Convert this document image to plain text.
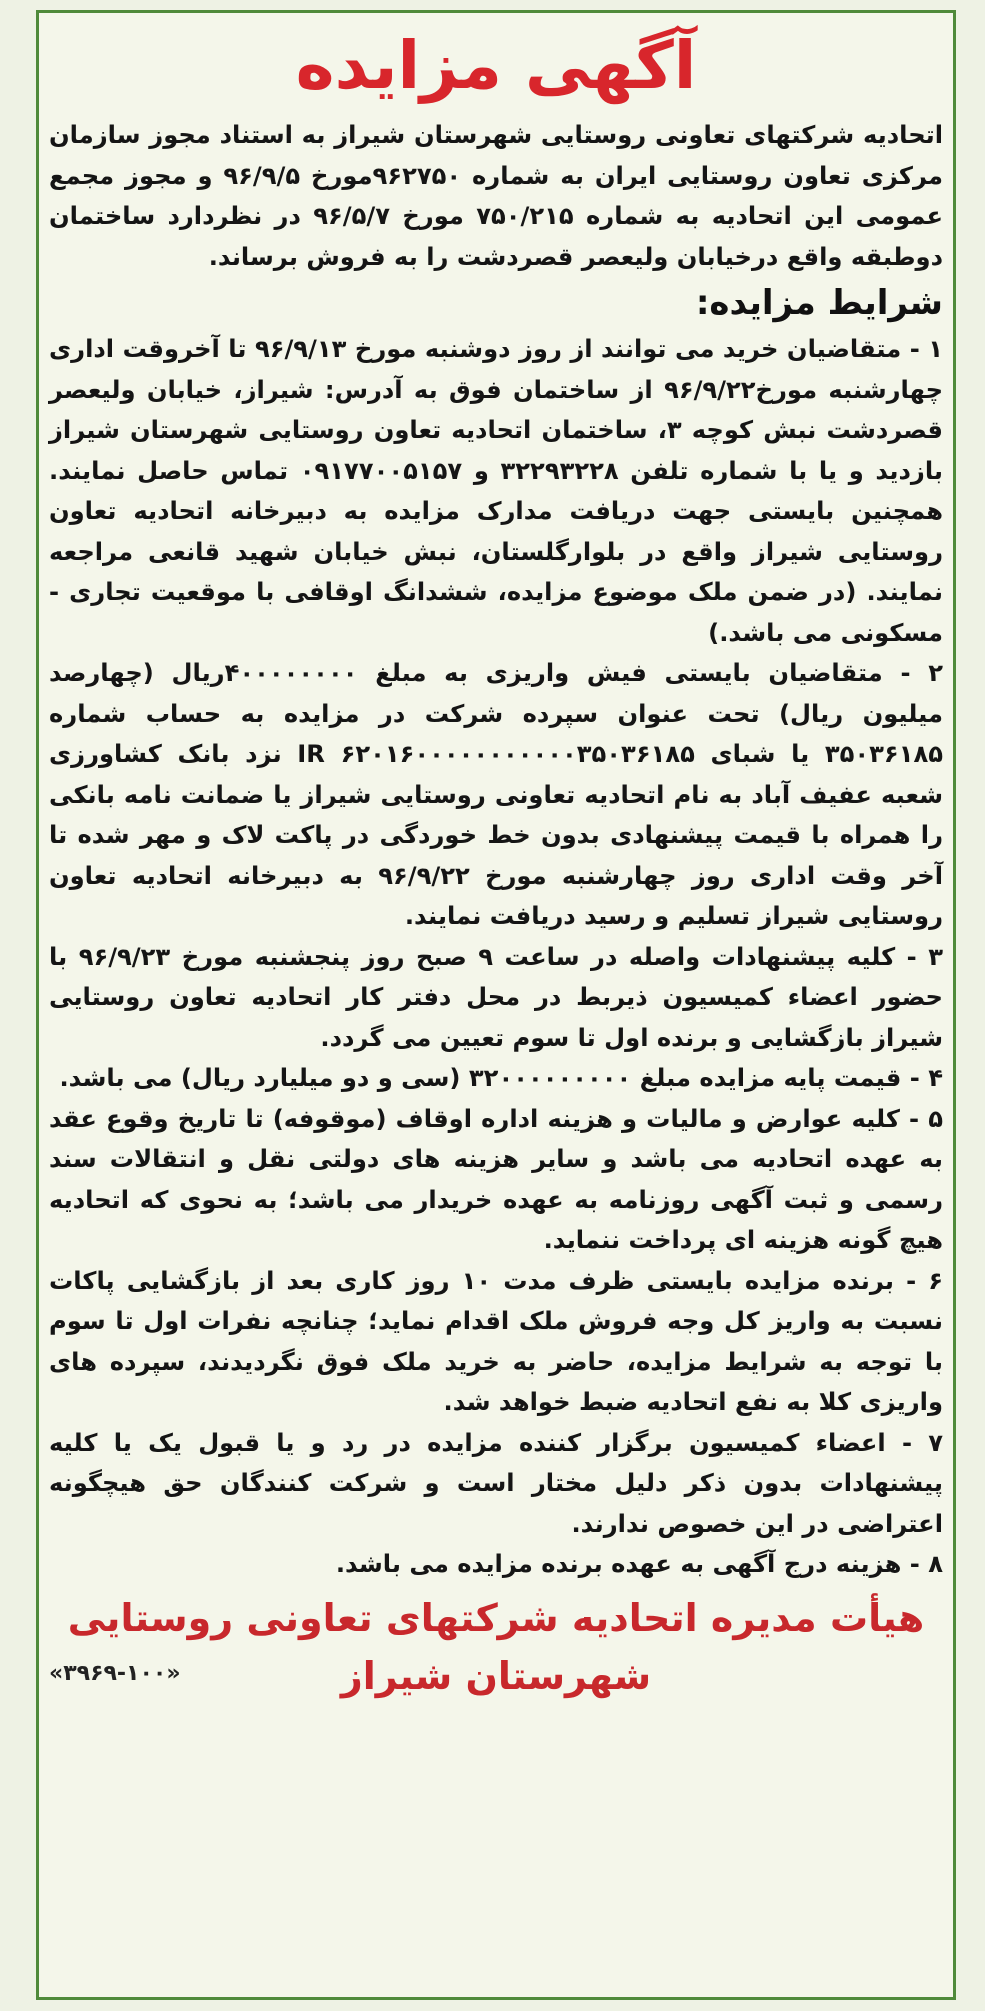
آگهی مزایده

اتحادیه شرکتهای تعاونی روستایی شهرستان شیراز به استناد مجوز سازمان مرکزی تعاون روستایی ایران به شماره ۹۶۲۷۵۰مورخ ۹۶/۹/۵ و مجوز مجمع عمومی این اتحادیه به شماره ۷۵۰/۲۱۵ مورخ ۹۶/۵/۷ در نظردارد ساختمان دوطبقه واقع درخیابان ولیعصر قصردشت را به فروش برساند.

شرایط مزایده:

۱ - متقاضیان خرید می توانند از روز دوشنبه مورخ ۹۶/۹/۱۳ تا آخروقت اداری چهارشنبه مورخ۹۶/۹/۲۲ از ساختمان فوق به آدرس: شیراز، خیابان ولیعصر قصردشت نبش کوچه ۳، ساختمان اتحادیه تعاون روستایی شهرستان شیراز بازدید و یا با شماره تلفن ۳۲۲۹۳۲۲۸ و ۰۹۱۷۷۰۰۵۱۵۷ تماس حاصل نمایند. همچنین بایستی جهت دریافت مدارک مزایده به دبیرخانه اتحادیه تعاون روستایی شیراز واقع در بلوارگلستان، نبش خیابان شهید قانعی مراجعه نمایند. (در ضمن ملک موضوع مزایده، ششدانگ اوقافی با موقعیت تجاری - مسکونی می باشد.)

۲ - متقاضیان بایستی فیش واریزی به مبلغ ۴۰۰۰۰۰۰۰۰ریال (چهارصد میلیون ریال) تحت عنوان سپرده شرکت در مزایده به حساب شماره ۳۵۰۳۶۱۸۵ یا شبای IR ۶۲۰۱۶۰۰۰۰۰۰۰۰۰۰۰۳۵۰۳۶۱۸۵ نزد بانک کشاورزی شعبه عفیف آباد به نام اتحادیه تعاونی روستایی شیراز یا ضمانت نامه بانکی را همراه با قیمت پیشنهادی بدون خط خوردگی در پاکت لاک و مهر شده تا آخر وقت اداری روز چهارشنبه مورخ ۹۶/۹/۲۲ به دبیرخانه اتحادیه تعاون روستایی شیراز تسلیم و رسید دریافت نمایند.

۳ - کلیه پیشنهادات واصله در ساعت ۹ صبح روز پنجشنبه مورخ ۹۶/۹/۲۳ با حضور اعضاء کمیسیون ذیربط در محل دفتر کار اتحادیه تعاون روستایی شیراز بازگشایی و برنده اول تا سوم تعیین می گردد.

۴ - قیمت پایه مزایده مبلغ ۳۲۰۰۰۰۰۰۰۰۰ (سی و دو میلیارد ریال) می باشد.

۵ - کلیه عوارض و مالیات و هزینه اداره اوقاف (موقوفه) تا تاریخ وقوع عقد به عهده اتحادیه می باشد و سایر هزینه های دولتی نقل و انتقالات سند رسمی و ثبت آگهی روزنامه به عهده خریدار می باشد؛ به نحوی که اتحادیه هیچ گونه هزینه ای پرداخت ننماید.

۶ - برنده مزایده بایستی ظرف مدت ۱۰ روز کاری بعد از بازگشایی پاکات نسبت به واریز کل وجه فروش ملک اقدام نماید؛ چنانچه نفرات اول تا سوم با توجه به شرایط مزایده، حاضر به خرید ملک فوق نگردیدند، سپرده های واریزی کلا به نفع اتحادیه ضبط خواهد شد.

۷ - اعضاء کمیسیون برگزار کننده مزایده در رد و یا قبول یک یا کلیه پیشنهادات بدون ذکر دلیل مختار است و شرکت کنندگان حق هیچگونه اعتراضی در این خصوص ندارند.

۸ - هزینه درج آگهی به عهده برنده مزایده می باشد.

هیأت مدیره اتحادیه شرکتهای تعاونی روستایی
شهرستان شیراز
«۳۹۶۹-۱۰۰»
